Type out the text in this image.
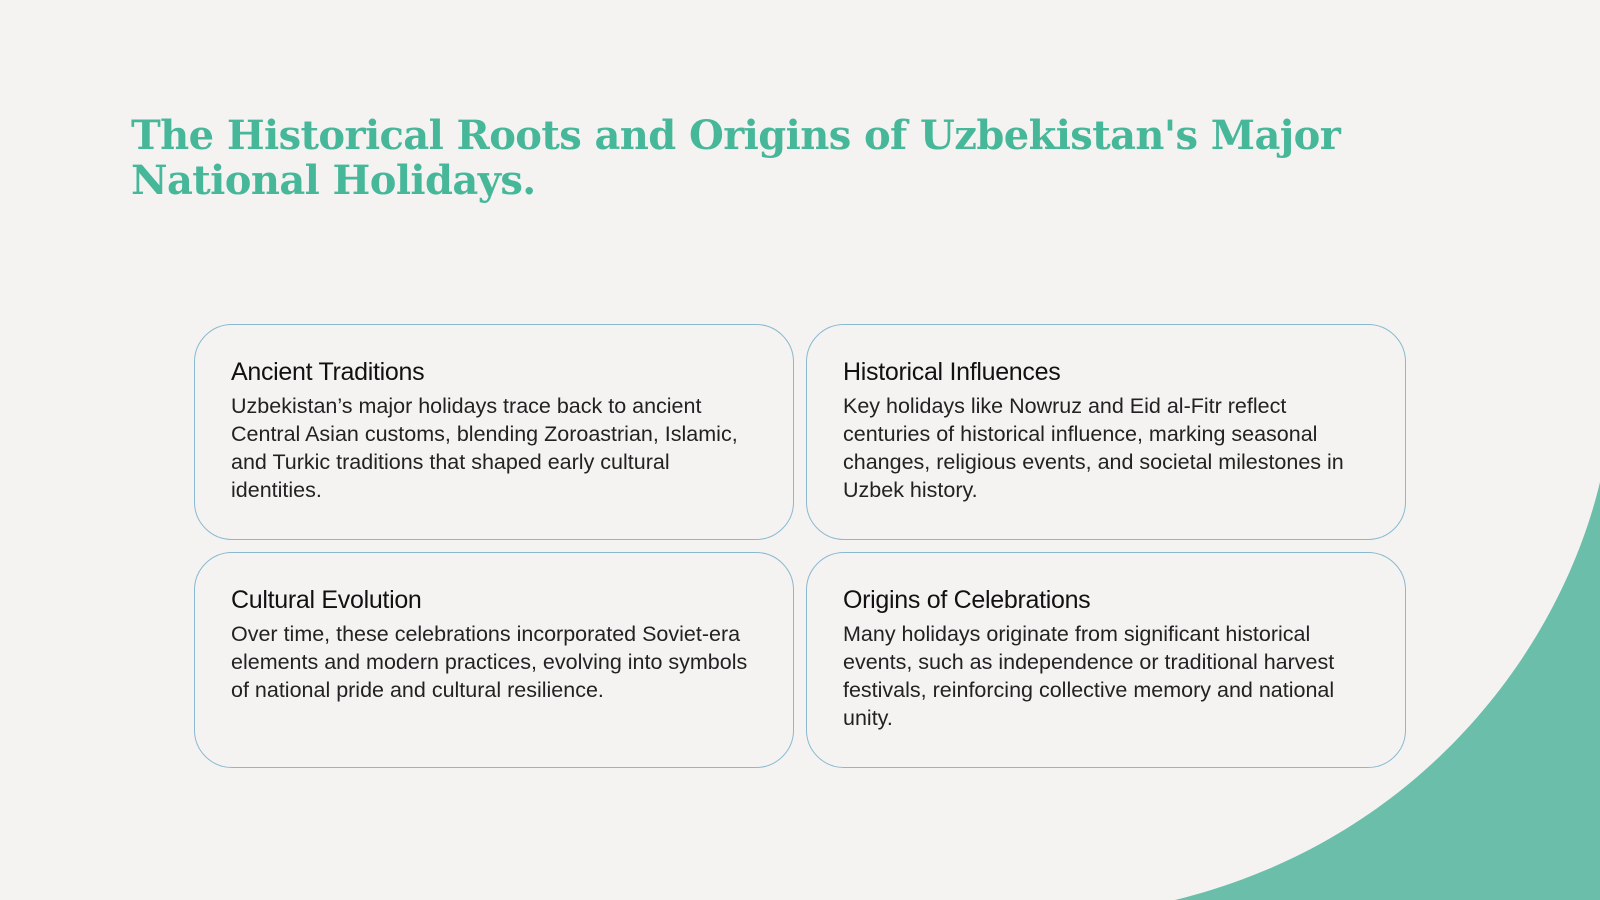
The Historical Roots and Origins of Uzbekistan's Major National Holidays.
Ancient Traditions

Uzbekistan’s major holidays trace back to ancient Central Asian customs, blending Zoroastrian, Islamic, and Turkic traditions that shaped early cultural identities.

Historical Influences

Key holidays like Nowruz and Eid al-Fitr reflect centuries of historical influence, marking seasonal changes, religious events, and societal milestones in Uzbek history.

Cultural Evolution

Over time, these celebrations incorporated Soviet-era elements and modern practices, evolving into symbols of national pride and cultural resilience.

Origins of Celebrations

Many holidays originate from significant historical events, such as independence or traditional harvest festivals, reinforcing collective memory and national unity.
